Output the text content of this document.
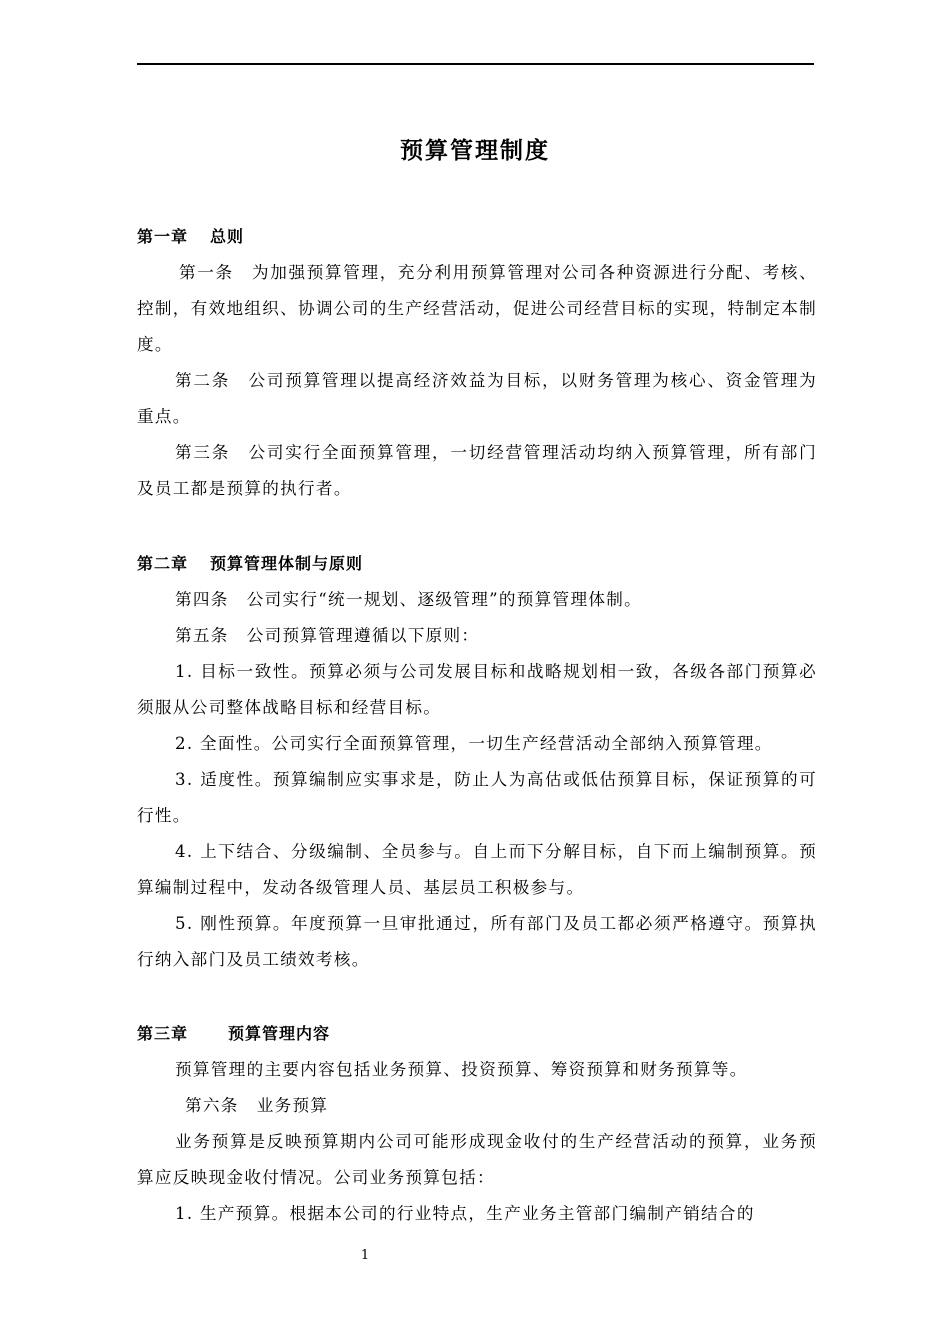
预算管理制度
第一章 总则

第一条 为加强预算管理，充分利用预算管理对公司各种资源进行分配、考核、控制，有效地组织、协调公司的生产经营活动，促进公司经营目标的实现，特制定本制度。

第二条 公司预算管理以提高经济效益为目标，以财务管理为核心、资金管理为重点。

第三条 公司实行全面预算管理，一切经营管理活动均纳入预算管理，所有部门及员工都是预算的执行者。

第二章 预算管理体制与原则

第四条 公司实行“统一规划、逐级管理”的预算管理体制。

第五条 公司预算管理遵循以下原则：

1. 目标一致性。预算必须与公司发展目标和战略规划相一致，各级各部门预算必须服从公司整体战略目标和经营目标。

2. 全面性。公司实行全面预算管理，一切生产经营活动全部纳入预算管理。

3. 适度性。预算编制应实事求是，防止人为高估或低估预算目标，保证预算的可行性。

4. 上下结合、分级编制、全员参与。自上而下分解目标，自下而上编制预算。预算编制过程中，发动各级管理人员、基层员工积极参与。

5. 刚性预算。年度预算一旦审批通过，所有部门及员工都必须严格遵守。预算执行纳入部门及员工绩效考核。

第三章	预算管理内容

预算管理的主要内容包括业务预算、投资预算、筹资预算和财务预算等。

第六条 业务预算

业务预算是反映预算期内公司可能形成现金收付的生产经营活动的预算，业务预算应反映现金收付情况。公司业务预算包括：

1. 生产预算。根据本公司的行业特点，生产业务主管部门编制产销结合的

1
